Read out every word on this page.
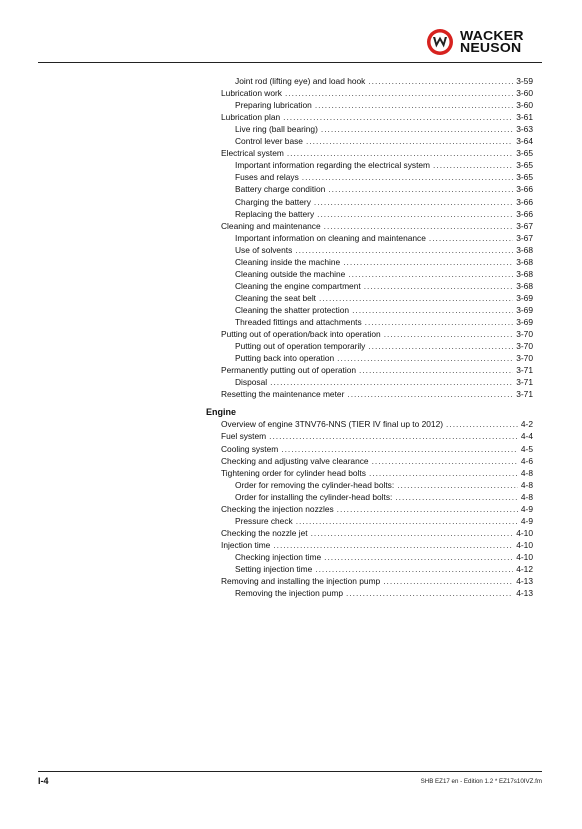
WACKER
NEUSON
Joint rod (lifting eye) and load hook .....	3-59
Lubrication work .....	3-60
Preparing lubrication .....	3-60
Lubrication plan .....	3-61
Live ring (ball bearing) .....	3-63
Control lever base .....	3-64
Electrical system .....	3-65
Important information regarding the electrical system .....	3-65
Fuses and relays .....	3-65
Battery charge condition .....	3-66
Charging the battery .....	3-66
Replacing the battery .....	3-66
Cleaning and maintenance .....	3-67
Important information on cleaning and maintenance .....	3-67
Use of solvents .....	3-68
Cleaning inside the machine .....	3-68
Cleaning outside the machine .....	3-68
Cleaning the engine compartment .....	3-68
Cleaning the seat belt .....	3-69
Cleaning the shatter protection .....	3-69
Threaded fittings and attachments .....	3-69
Putting out of operation/back into operation .....	3-70
Putting out of operation temporarily .....	3-70
Putting back into operation .....	3-70
Permanently putting out of operation .....	3-71
Disposal .....	3-71
Resetting the maintenance meter .....	3-71
Engine
Overview of engine 3TNV76-NNS (TIER IV final up to 2012) .....	4-2
Fuel system .....	4-4
Cooling system .....	4-5
Checking and adjusting valve clearance .....	4-6
Tightening order for cylinder head bolts .....	4-8
Order for removing the cylinder-head bolts: .....	4-8
Order for installing the cylinder-head bolts: .....	4-8
Checking the injection nozzles .....	4-9
Pressure check .....	4-9
Checking the nozzle jet .....	4-10
Injection time .....	4-10
Checking injection time .....	4-10
Setting injection time .....	4-12
Removing and installing the injection pump .....	4-13
Removing the injection pump .....	4-13
I-4	SHB EZ17 en - Edition 1.2 * EZ17s10IVZ.fm
